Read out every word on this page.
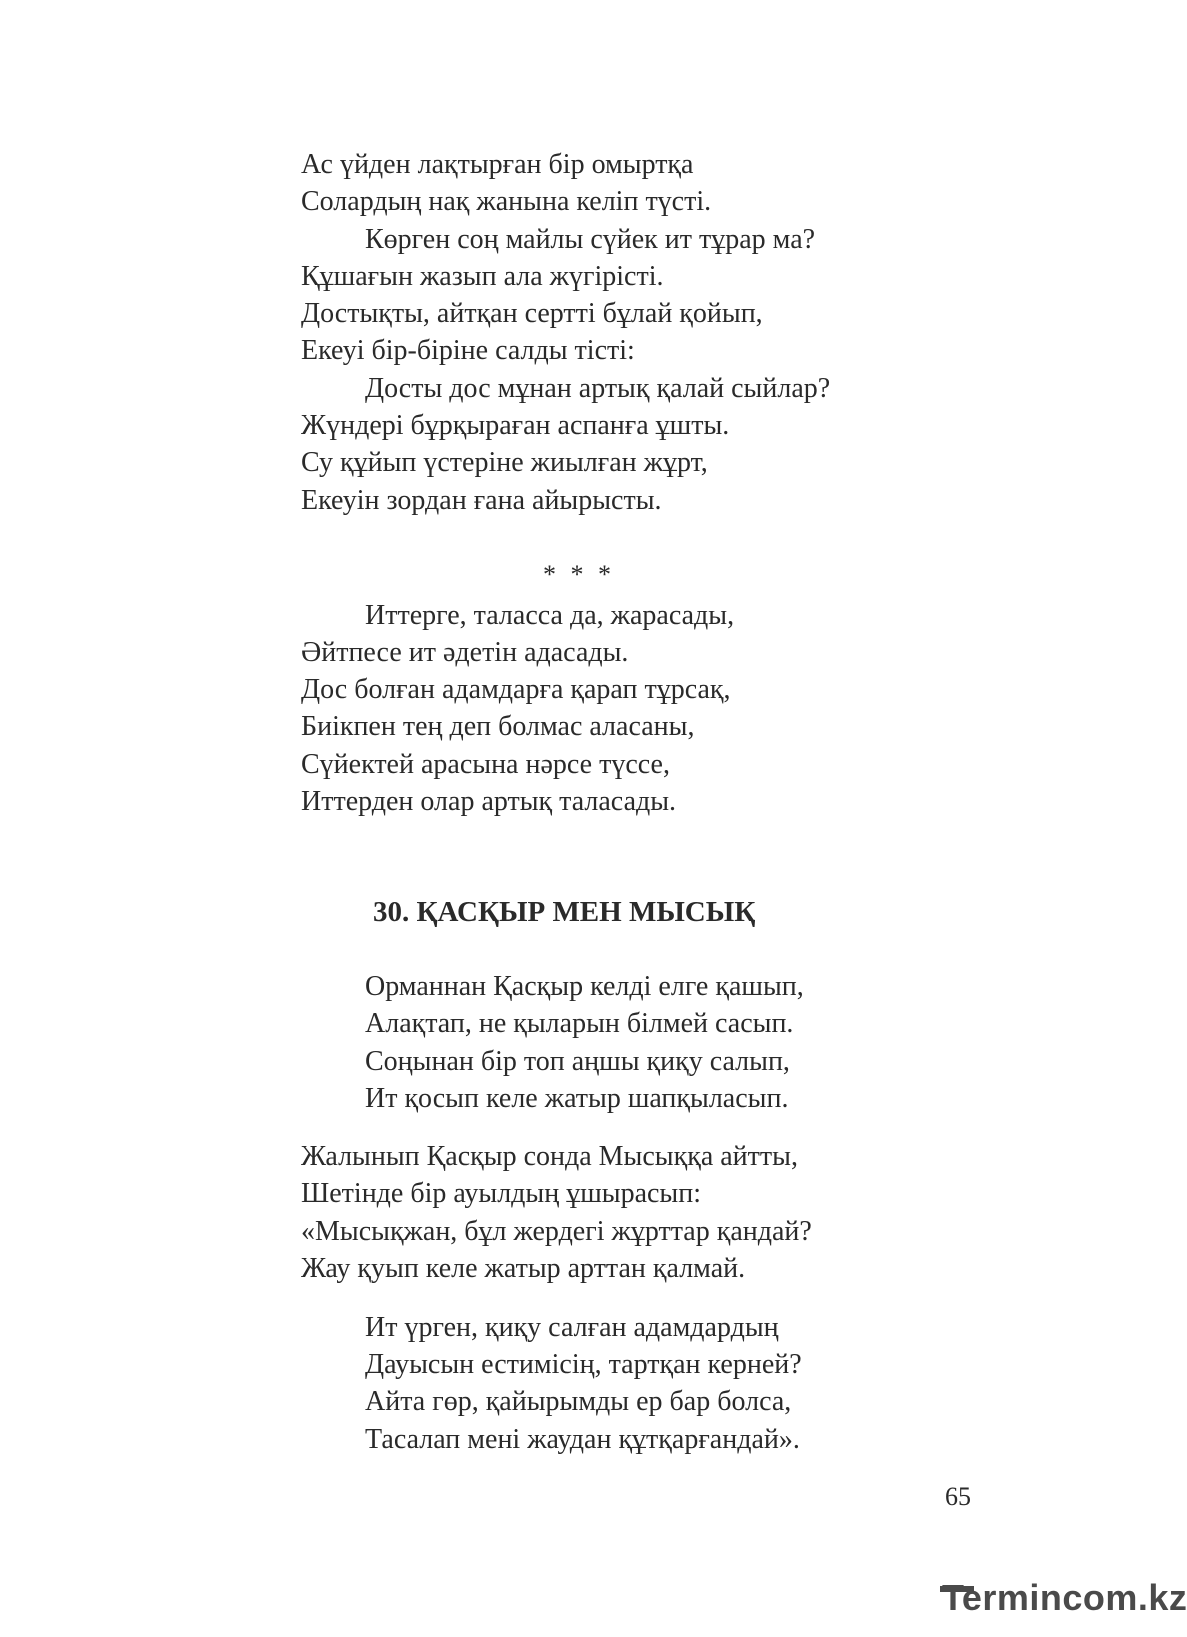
Ас үйден лақтырған бір омыртқа
Солардың нақ жанына келіп түсті.
Көрген соң майлы сүйек ит тұрар ма?
Құшағын жазып ала жүгірісті.
Достықты, айтқан сертті бұлай қойып,
Екеуі бір-біріне салды тісті:
Досты дос мұнан артық қалай сыйлар?
Жүндері бұрқыраған аспанға ұшты.
Су құйып үстеріне жиылған жұрт,
Екеуін зордан ғана айырысты.
* * *
Иттерге, таласса да, жарасады,
Әйтпесе ит әдетін адасады.
Дос болған адамдарға қарап тұрсақ,
Биікпен тең деп болмас аласаны,
Сүйектей арасына нәрсе түссе,
Иттерден олар артық таласады.
30. ҚАСҚЫР МЕН МЫСЫҚ
Орманнан Қасқыр келді елге қашып,
Алақтап, не қыларын білмей сасып.
Соңынан бір топ аңшы қиқу салып,
Ит қосып келе жатыр шапқыласып.
Жалынып Қасқыр сонда Мысыққа айтты,
Шетінде бір ауылдың ұшырасып:
«Мысықжан, бұл жердегі жұрттар қандай?
Жау қуып келе жатыр арттан қалмай.
Ит үрген, қиқу салған адамдардың
Дауысын естимісің, тартқан керней?
Айта гөр, қайырымды ер бар болса,
Тасалап мені жаудан құтқарғандай».
65
Termincom.kz
